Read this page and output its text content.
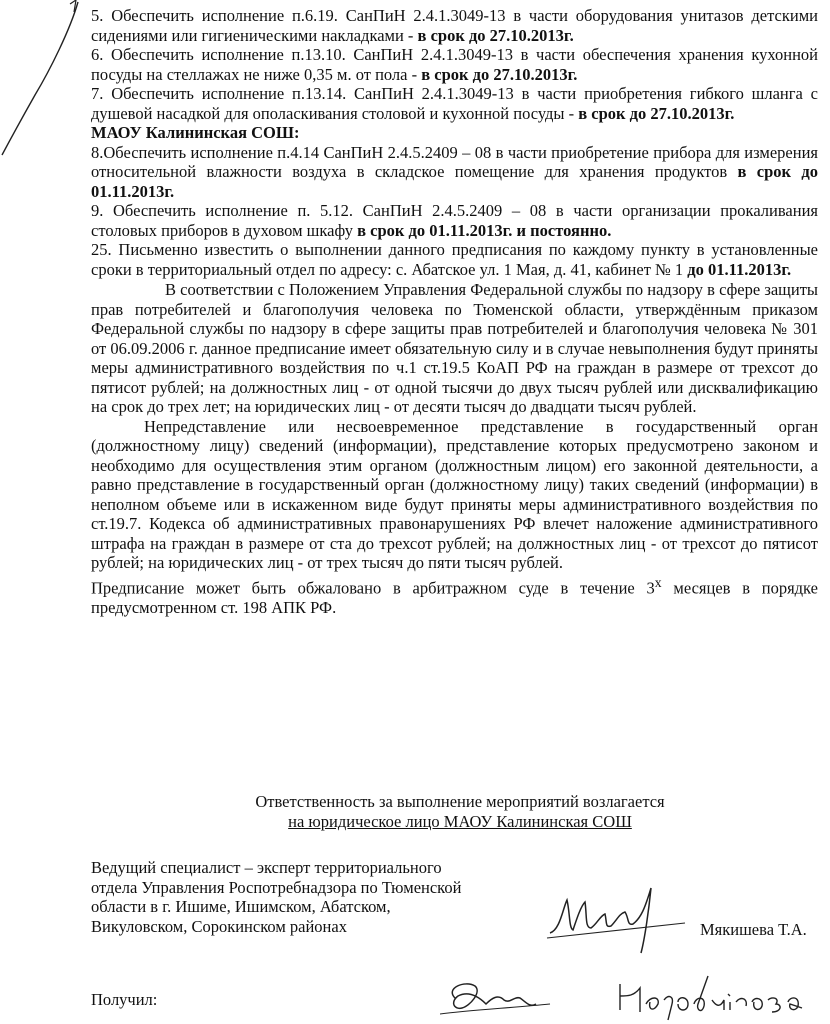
5. Обеспечить исполнение п.6.19. СанПиН 2.4.1.3049-13 в части оборудования унитазов детскими сидениями или гигиеническими накладками - в срок до 27.10.2013г.

6. Обеспечить исполнение п.13.10. СанПиН 2.4.1.3049-13 в части обеспечения хранения кухонной посуды на стеллажах не ниже 0,35 м. от пола - в срок до 27.10.2013г.

7. Обеспечить исполнение п.13.14. СанПиН 2.4.1.3049-13 в части приобретения гибкого шланга с душевой насадкой для ополаскивания столовой и кухонной посуды - в срок до 27.10.2013г.

МАОУ Калининская СОШ:

8.Обеспечить исполнение п.4.14 СанПиН 2.4.5.2409 – 08 в части приобретение прибора для измерения относительной влажности воздуха в складское помещение для хранения продуктов в срок до 01.11.2013г.

9. Обеспечить исполнение п. 5.12. СанПиН 2.4.5.2409 – 08 в части организации прокаливания столовых приборов в духовом шкафу в срок до 01.11.2013г. и постоянно.

25. Письменно известить о выполнении данного предписания по каждому пункту в установленные сроки в территориальный отдел по адресу: с. Абатское ул. 1 Мая, д. 41, кабинет № 1 до 01.11.2013г.

В соответствии с Положением Управления Федеральной службы по надзору в сфере защиты прав потребителей и благополучия человека по Тюменской области, утверждённым приказом Федеральной службы по надзору в сфере защиты прав потребителей и благополучия человека № 301 от 06.09.2006 г. данное предписание имеет обязательную силу и в случае невыполнения будут приняты меры административного воздействия по ч.1 ст.19.5 КоАП РФ на граждан в размере от трехсот до пятисот рублей; на должностных лиц - от одной тысячи до двух тысяч рублей или дисквалификацию на срок до трех лет; на юридических лиц - от десяти тысяч до двадцати тысяч рублей.

Непредставление или несвоевременное представление в государственный орган (должностному лицу) сведений (информации), представление которых предусмотрено законом и необходимо для осуществления этим органом (должностным лицом) его законной деятельности, а равно представление в государственный орган (должностному лицу) таких сведений (информации) в неполном объеме или в искаженном виде будут приняты меры административного воздействия по ст.19.7. Кодекса об административных правонарушениях РФ влечет наложение административного штрафа на граждан в размере от ста до трехсот рублей; на должностных лиц - от трехсот до пятисот рублей; на юридических лиц - от трех тысяч до пяти тысяч рублей.

Предписание может быть обжаловано в арбитражном суде в течение $3^х$ месяцев в порядке предусмотренном ст. 198 АПК РФ.

Ответственность за выполнение мероприятий возлагается
на юридическое лицо МАОУ Калининская СОШ
Ведущий специалист – эксперт территориального
отдела Управления Роспотребнадзора по Тюменской
области в г. Ишиме, Ишимском, Абатском,
Викуловском, Сорокинском районах	Мякишева Т.А.
Получил:
